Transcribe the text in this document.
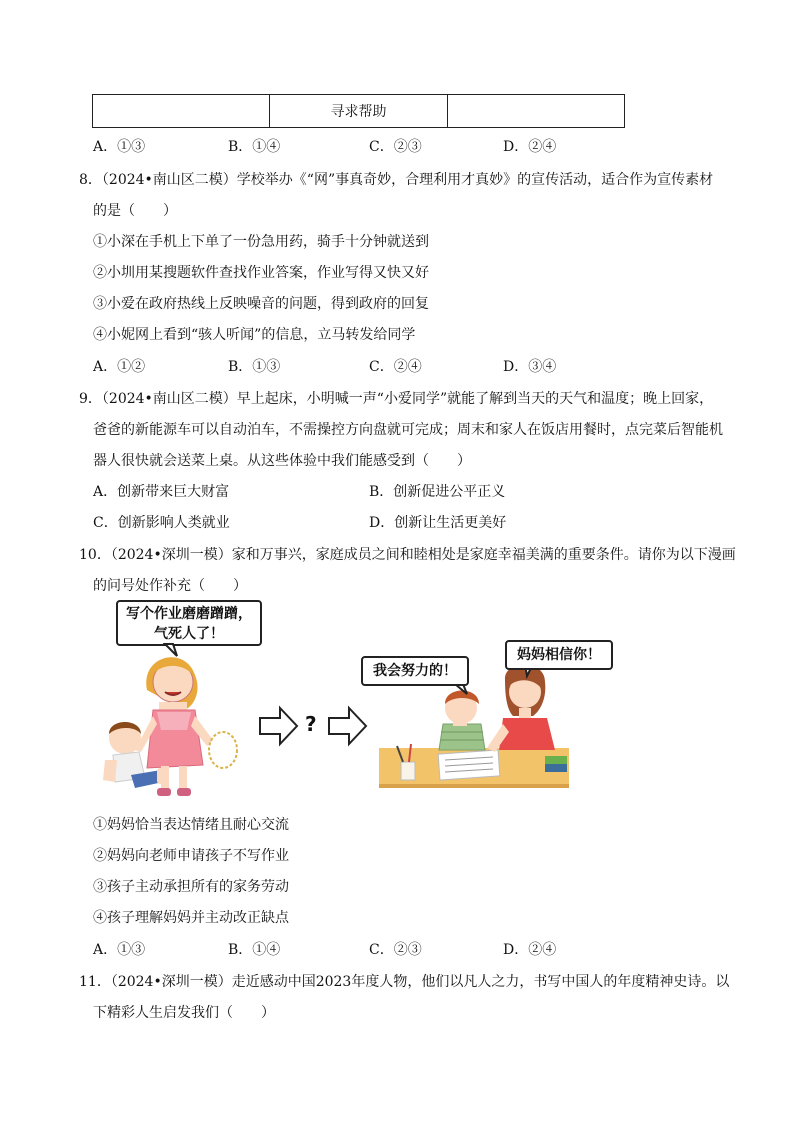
寻求帮助
A．①③	B．①④	C．②③	D．②④
8．（2024•南山区二模）学校举办《“网”事真奇妙，合理利用才真妙》的宣传活动，适合作为宣传素材
的是（　　）
①小深在手机上下单了一份急用药，骑手十分钟就送到
②小圳用某搜题软件查找作业答案，作业写得又快又好
③小爱在政府热线上反映噪音的问题，得到政府的回复
④小妮网上看到“骇人听闻”的信息，立马转发给同学
A．①②	B．①③	C．②④	D．③④
9．（2024•南山区二模）早上起床，小明喊一声“小爱同学”就能了解到当天的天气和温度；晚上回家，
爸爸的新能源车可以自动泊车，不需操控方向盘就可完成；周末和家人在饭店用餐时，点完菜后智能机
器人很快就会送菜上桌。从这些体验中我们能感受到（　　）
A．创新带来巨大财富	B．创新促进公平正义
C．创新影响人类就业	D．创新让生活更美好
10．（2024•深圳一模）家和万事兴，家庭成员之间和睦相处是家庭幸福美满的重要条件。请你为以下漫画
的问号处作补充（　　）
写个作业磨磨蹭蹭，
气死人了！
?
我会努力的！
妈妈相信你！
①妈妈恰当表达情绪且耐心交流
②妈妈向老师申请孩子不写作业
③孩子主动承担所有的家务劳动
④孩子理解妈妈并主动改正缺点
A．①③	B．①④	C．②③	D．②④
11．（2024•深圳一模）走近感动中国2023年度人物，他们以凡人之力，书写中国人的年度精神史诗。以
下精彩人生启发我们（　　）
